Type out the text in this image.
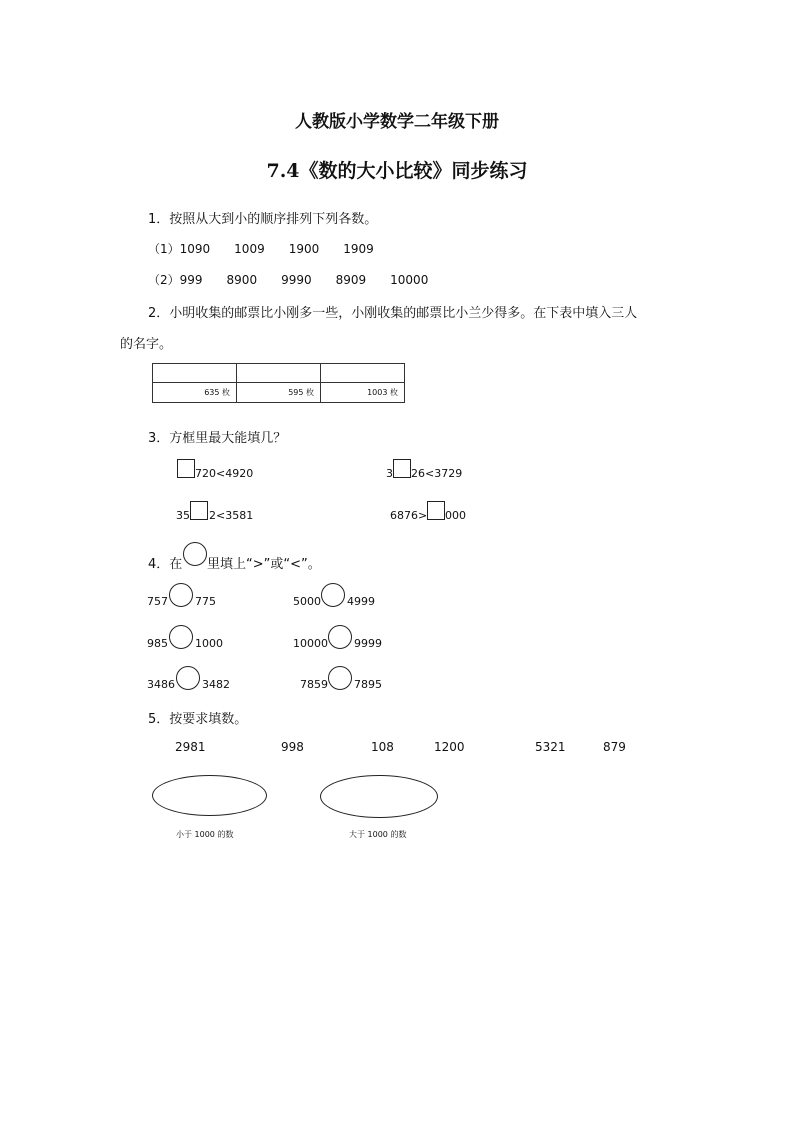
人教版小学数学二年级下册
7.4《数的大小比较》同步练习
1．按照从大到小的顺序排列下列各数。
（1）1090　　1009　　1900　　1909
（2）999　　8900　　9990　　8909　　10000
2．小明收集的邮票比小刚多一些，小刚收集的邮票比小兰少得多。在下表中填入三人
的名字。

635 枚	595 枚	1003 枚
3．方框里最大能填几？
720<4920	3 26<3729
35 2<3581	6876> 000
4．在 里填上“>”或“<”。
757 775	5000 4999
985 1000	10000 9999
3486 3482	7859 7895
5．按要求填数。
2981	998	108	1200	5321	879
小于 1000 的数	大于 1000 的数
